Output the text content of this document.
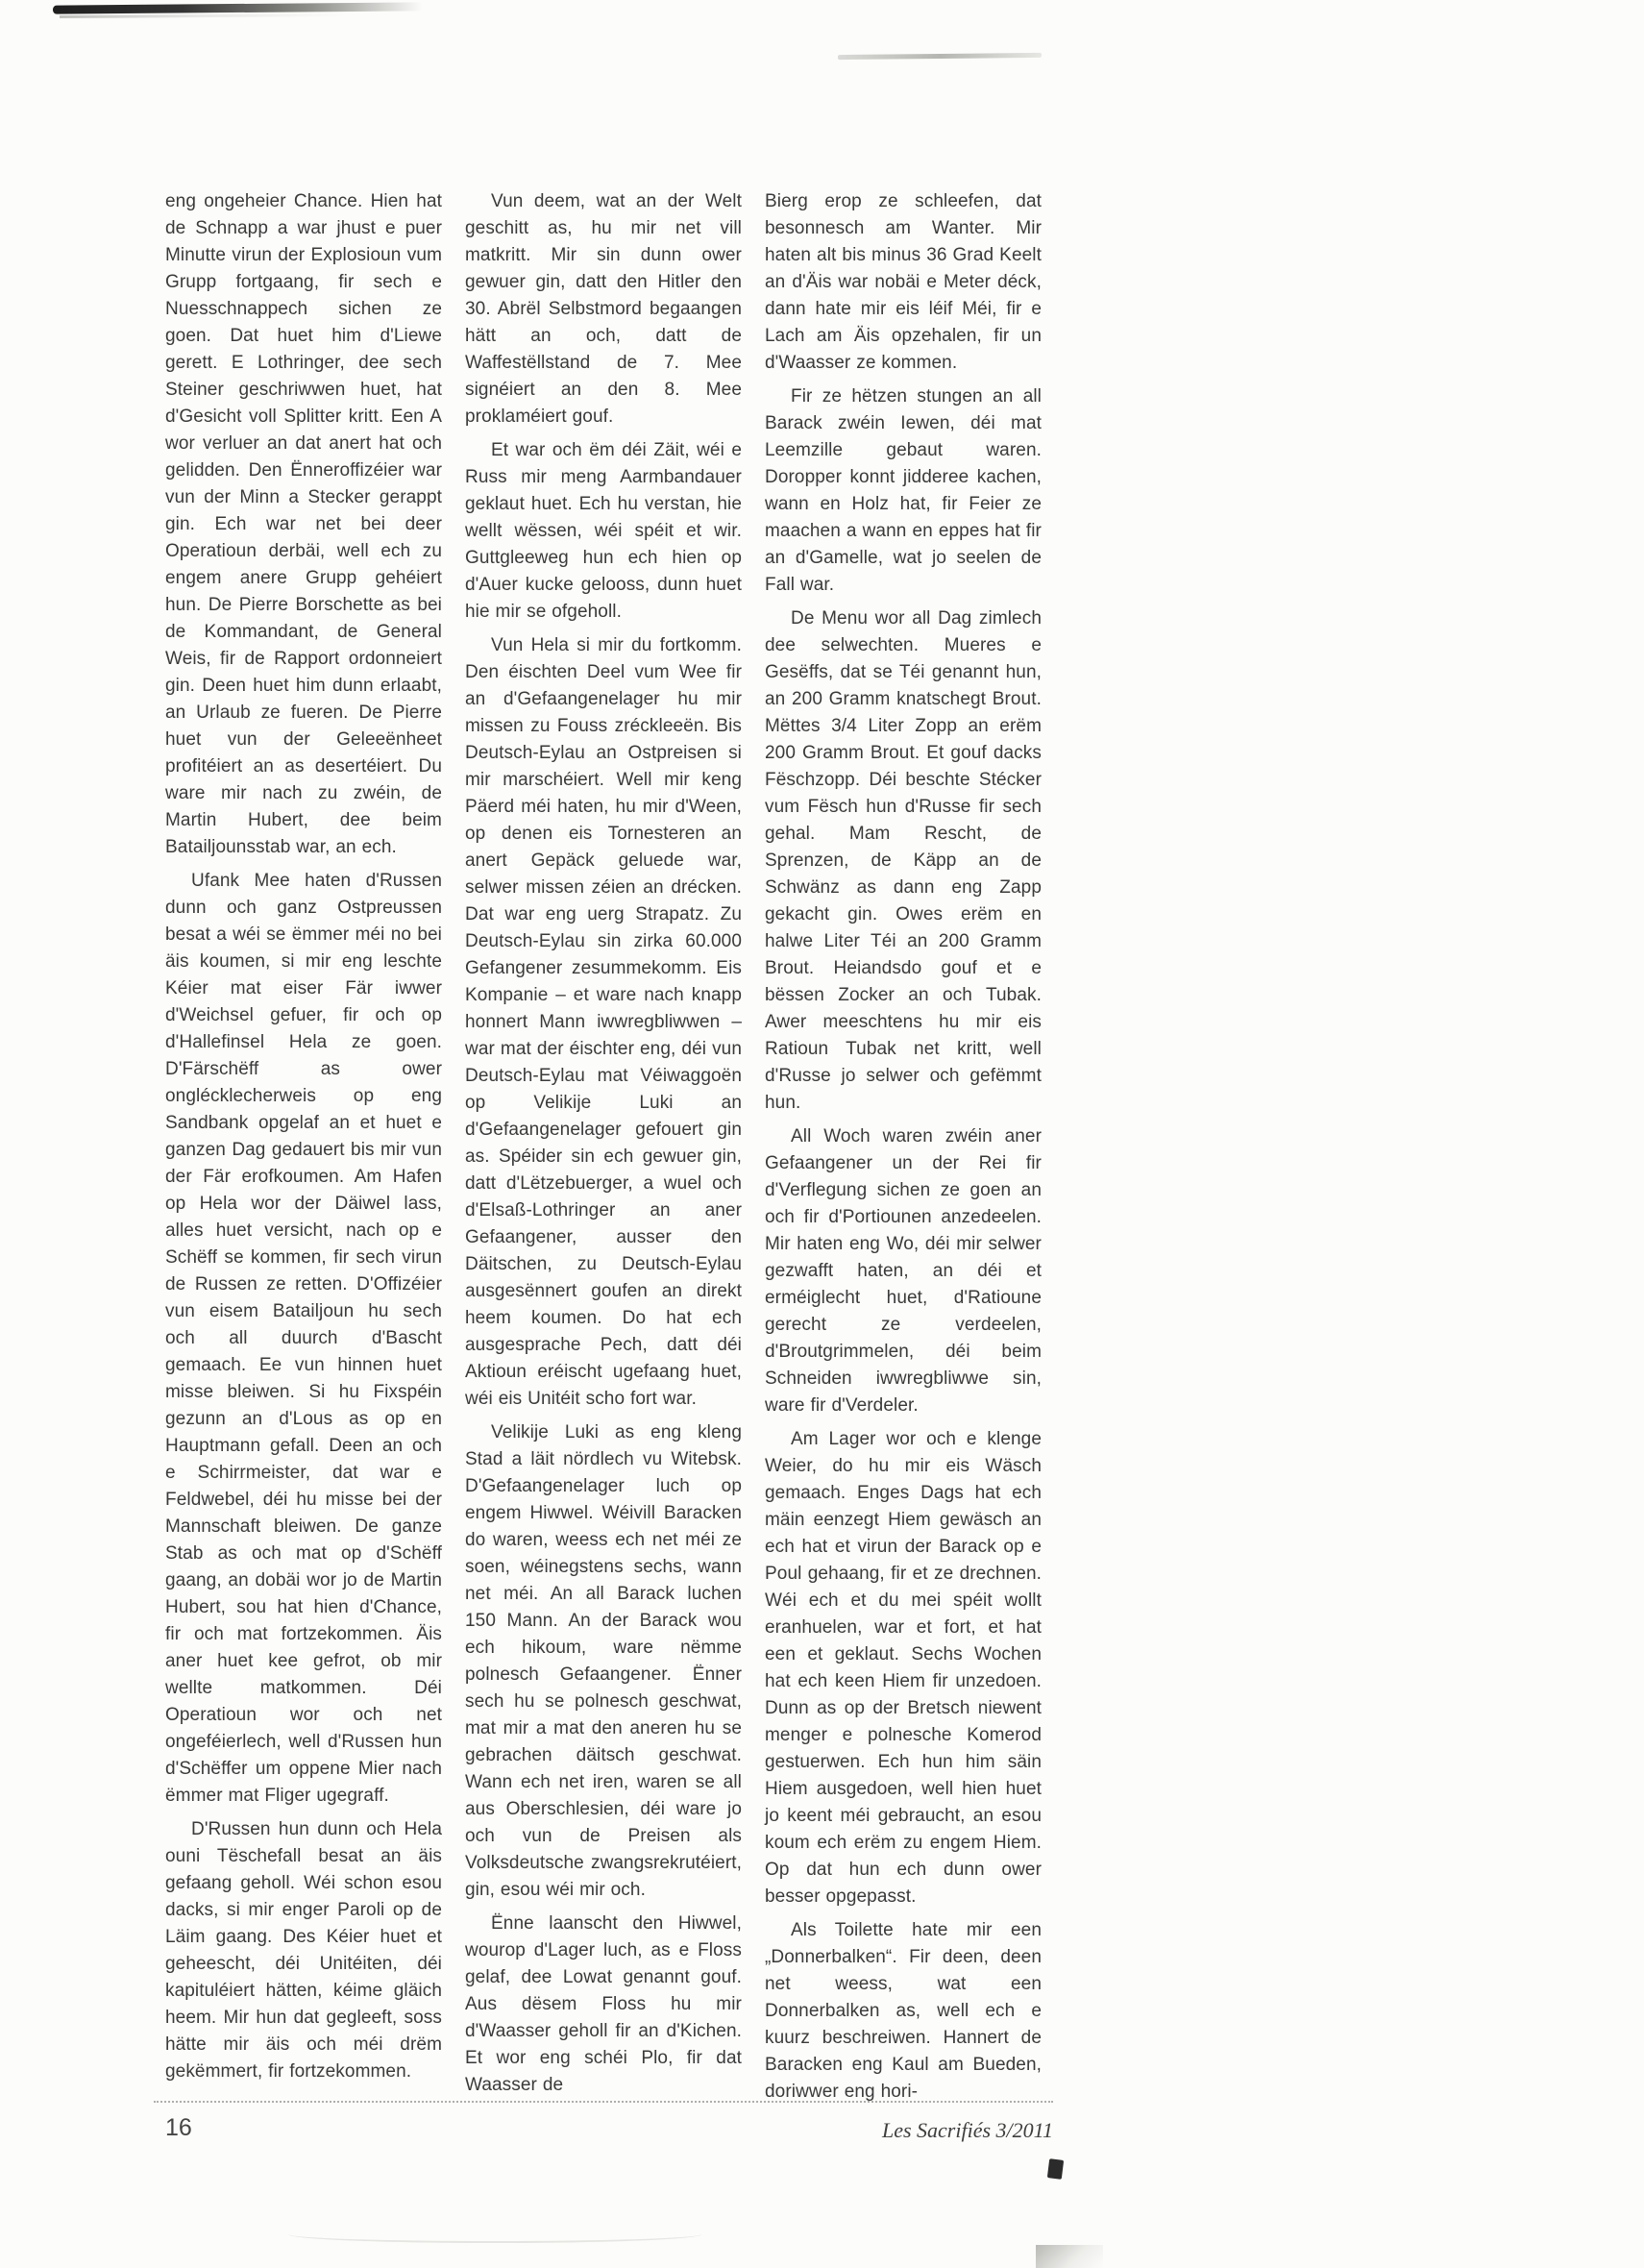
eng ongeheier Chance. Hien hat de Schnapp a war jhust e puer Minutte virun der Explosioun vum Grupp fortgaang, fir sech e Nuesschnappech sichen ze goen. Dat huet him d'Liewe gerett. E Lothringer, dee sech Steiner geschriwwen huet, hat d'Gesicht voll Splitter kritt. Een A wor verluer an dat anert hat och gelidden. Den Ënneroffizéier war vun der Minn a Stecker gerappt gin. Ech war net bei deer Operatioun derbäi, well ech zu engem anere Grupp gehéiert hun. De Pierre Borschette as bei de Kommandant, de General Weis, fir de Rapport ordonneiert gin. Deen huet him dunn erlaabt, an Urlaub ze fueren. De Pierre huet vun der Geleeënheet profitéiert an as desertéiert. Du ware mir nach zu zwéin, de Martin Hubert, dee beim Batailjounsstab war, an ech.

Ufank Mee haten d'Russen dunn och ganz Ostpreussen besat a wéi se ëmmer méi no bei äis koumen, si mir eng leschte Kéier mat eiser Fär iwwer d'Weichsel gefuer, fir och op d'Hallefinsel Hela ze goen. D'Färschëff as ower onglécklecherweis op eng Sandbank opgelaf an et huet e ganzen Dag gedauert bis mir vun der Fär erofkoumen. Am Hafen op Hela wor der Däiwel lass, alles huet versicht, nach op e Schëff se kommen, fir sech virun de Russen ze retten. D'Offizéier vun eisem Batailjoun hu sech och all duurch d'Bascht gemaach. Ee vun hinnen huet misse bleiwen. Si hu Fixspéin gezunn an d'Lous as op en Hauptmann gefall. Deen an och e Schirrmeister, dat war e Feldwebel, déi hu misse bei der Mannschaft bleiwen. De ganze Stab as och mat op d'Schëff gaang, an dobäi wor jo de Martin Hubert, sou hat hien d'Chance, fir och mat fortzekommen. Äis aner huet kee gefrot, ob mir wellte matkommen. Déi Operatioun wor och net ongeféierlech, well d'Russen hun d'Schëffer um oppene Mier nach ëmmer mat Fliger ugegraff.

D'Russen hun dunn och Hela ouni Tëschefall besat an äis gefaang geholl. Wéi schon esou dacks, si mir enger Paroli op de Läim gaang. Des Kéier huet et geheescht, déi Unitéiten, déi kapituléiert hätten, kéime gläich heem. Mir hun dat gegleeft, soss hätte mir äis och méi drëm gekëmmert, fir fortzekommen.

Vun deem, wat an der Welt geschitt as, hu mir net vill matkritt. Mir sin dunn ower gewuer gin, datt den Hitler den 30. Abrël Selbstmord begaangen hätt an och, datt de Waffestëllstand de 7. Mee signéiert an den 8. Mee proklaméiert gouf.

Et war och ëm déi Zäit, wéi e Russ mir meng Aarmbandauer geklaut huet. Ech hu verstan, hie wellt wëssen, wéi spéit et wir. Guttgleeweg hun ech hien op d'Auer kucke gelooss, dunn huet hie mir se ofgeholl.

Vun Hela si mir du fortkomm. Den éischten Deel vum Wee fir an d'Gefaangenelager hu mir missen zu Fouss zréckleeën. Bis Deutsch-Eylau an Ostpreisen si mir marschéiert. Well mir keng Päerd méi haten, hu mir d'Ween, op denen eis Tornesteren an anert Gepäck geluede war, selwer missen zéien an drécken. Dat war eng uerg Strapatz. Zu Deutsch-Eylau sin zirka 60.000 Gefangener zesummekomm. Eis Kompanie – et ware nach knapp honnert Mann iwwregbliwwen – war mat der éischter eng, déi vun Deutsch-Eylau mat Véiwaggoën op Velikije Luki an d'Gefaangenelager gefouert gin as. Spéider sin ech gewuer gin, datt d'Lëtzebuerger, a wuel och d'Elsaß-Lothringer an aner Gefaangener, ausser den Däitschen, zu Deutsch-Eylau ausgesënnert goufen an direkt heem koumen. Do hat ech ausgesprache Pech, datt déi Aktioun eréischt ugefaang huet, wéi eis Unitéit scho fort war.

Velikije Luki as eng kleng Stad a läit nördlech vu Witebsk. D'Gefaangenelager luch op engem Hiwwel. Wéivill Baracken do waren, weess ech net méi ze soen, wéinegstens sechs, wann net méi. An all Barack luchen 150 Mann. An der Barack wou ech hikoum, ware nëmme polnesch Gefaangener. Ënner sech hu se polnesch geschwat, mat mir a mat den aneren hu se gebrachen däitsch geschwat. Wann ech net iren, waren se all aus Oberschlesien, déi ware jo och vun de Preisen als Volksdeutsche zwangsrekrutéiert, gin, esou wéi mir och.

Ënne laanscht den Hiwwel, wourop d'Lager luch, as e Floss gelaf, dee Lowat genannt gouf. Aus dësem Floss hu mir d'Waasser geholl fir an d'Kichen. Et wor eng schéi Plo, fir dat Waasser de

Bierg erop ze schleefen, dat besonnesch am Wanter. Mir haten alt bis minus 36 Grad Keelt an d'Äis war nobäi e Meter déck, dann hate mir eis léif Méi, fir e Lach am Äis opzehalen, fir un d'Waasser ze kommen.

Fir ze hëtzen stungen an all Barack zwéin Iewen, déi mat Leemzille gebaut waren. Doropper konnt jidderee kachen, wann en Holz hat, fir Feier ze maachen a wann en eppes hat fir an d'Gamelle, wat jo seelen de Fall war.

De Menu wor all Dag zimlech dee selwechten. Mueres e Gesëffs, dat se Téi genannt hun, an 200 Gramm knatschegt Brout. Mëttes 3/4 Liter Zopp an erëm 200 Gramm Brout. Et gouf dacks Fëschzopp. Déi beschte Stécker vum Fësch hun d'Russe fir sech gehal. Mam Rescht, de Sprenzen, de Käpp an de Schwänz as dann eng Zapp gekacht gin. Owes erëm en halwe Liter Téi an 200 Gramm Brout. Heiandsdo gouf et e bëssen Zocker an och Tubak. Awer meeschtens hu mir eis Ratioun Tubak net kritt, well d'Russe jo selwer och gefëmmt hun.

All Woch waren zwéin aner Gefaangener un der Rei fir d'Verflegung sichen ze goen an och fir d'Portiounen anzedeelen. Mir haten eng Wo, déi mir selwer gezwafft haten, an déi et erméiglecht huet, d'Ratioune gerecht ze verdeelen, d'Broutgrimmelen, déi beim Schneiden iwwregbliwwe sin, ware fir d'Verdeler.

Am Lager wor och e klenge Weier, do hu mir eis Wäsch gemaach. Enges Dags hat ech mäin eenzegt Hiem gewäsch an ech hat et virun der Barack op e Poul gehaang, fir et ze drechnen. Wéi ech et du mei spéit wollt eranhuelen, war et fort, et hat een et geklaut. Sechs Wochen hat ech keen Hiem fir unzedoen. Dunn as op der Bretsch niewent menger e polnesche Komerod gestuerwen. Ech hun him säin Hiem ausgedoen, well hien huet jo keent méi gebraucht, an esou koum ech erëm zu engem Hiem. Op dat hun ech dunn ower besser opgepasst.

Als Toilette hate mir een „Donnerbalken“. Fir deen, deen net weess, wat een Donnerbalken as, well ech e kuurz beschreiwen. Hannert de Baracken eng Kaul am Bueden, doriwwer eng hori-

16	Les Sacrifiés 3/2011
